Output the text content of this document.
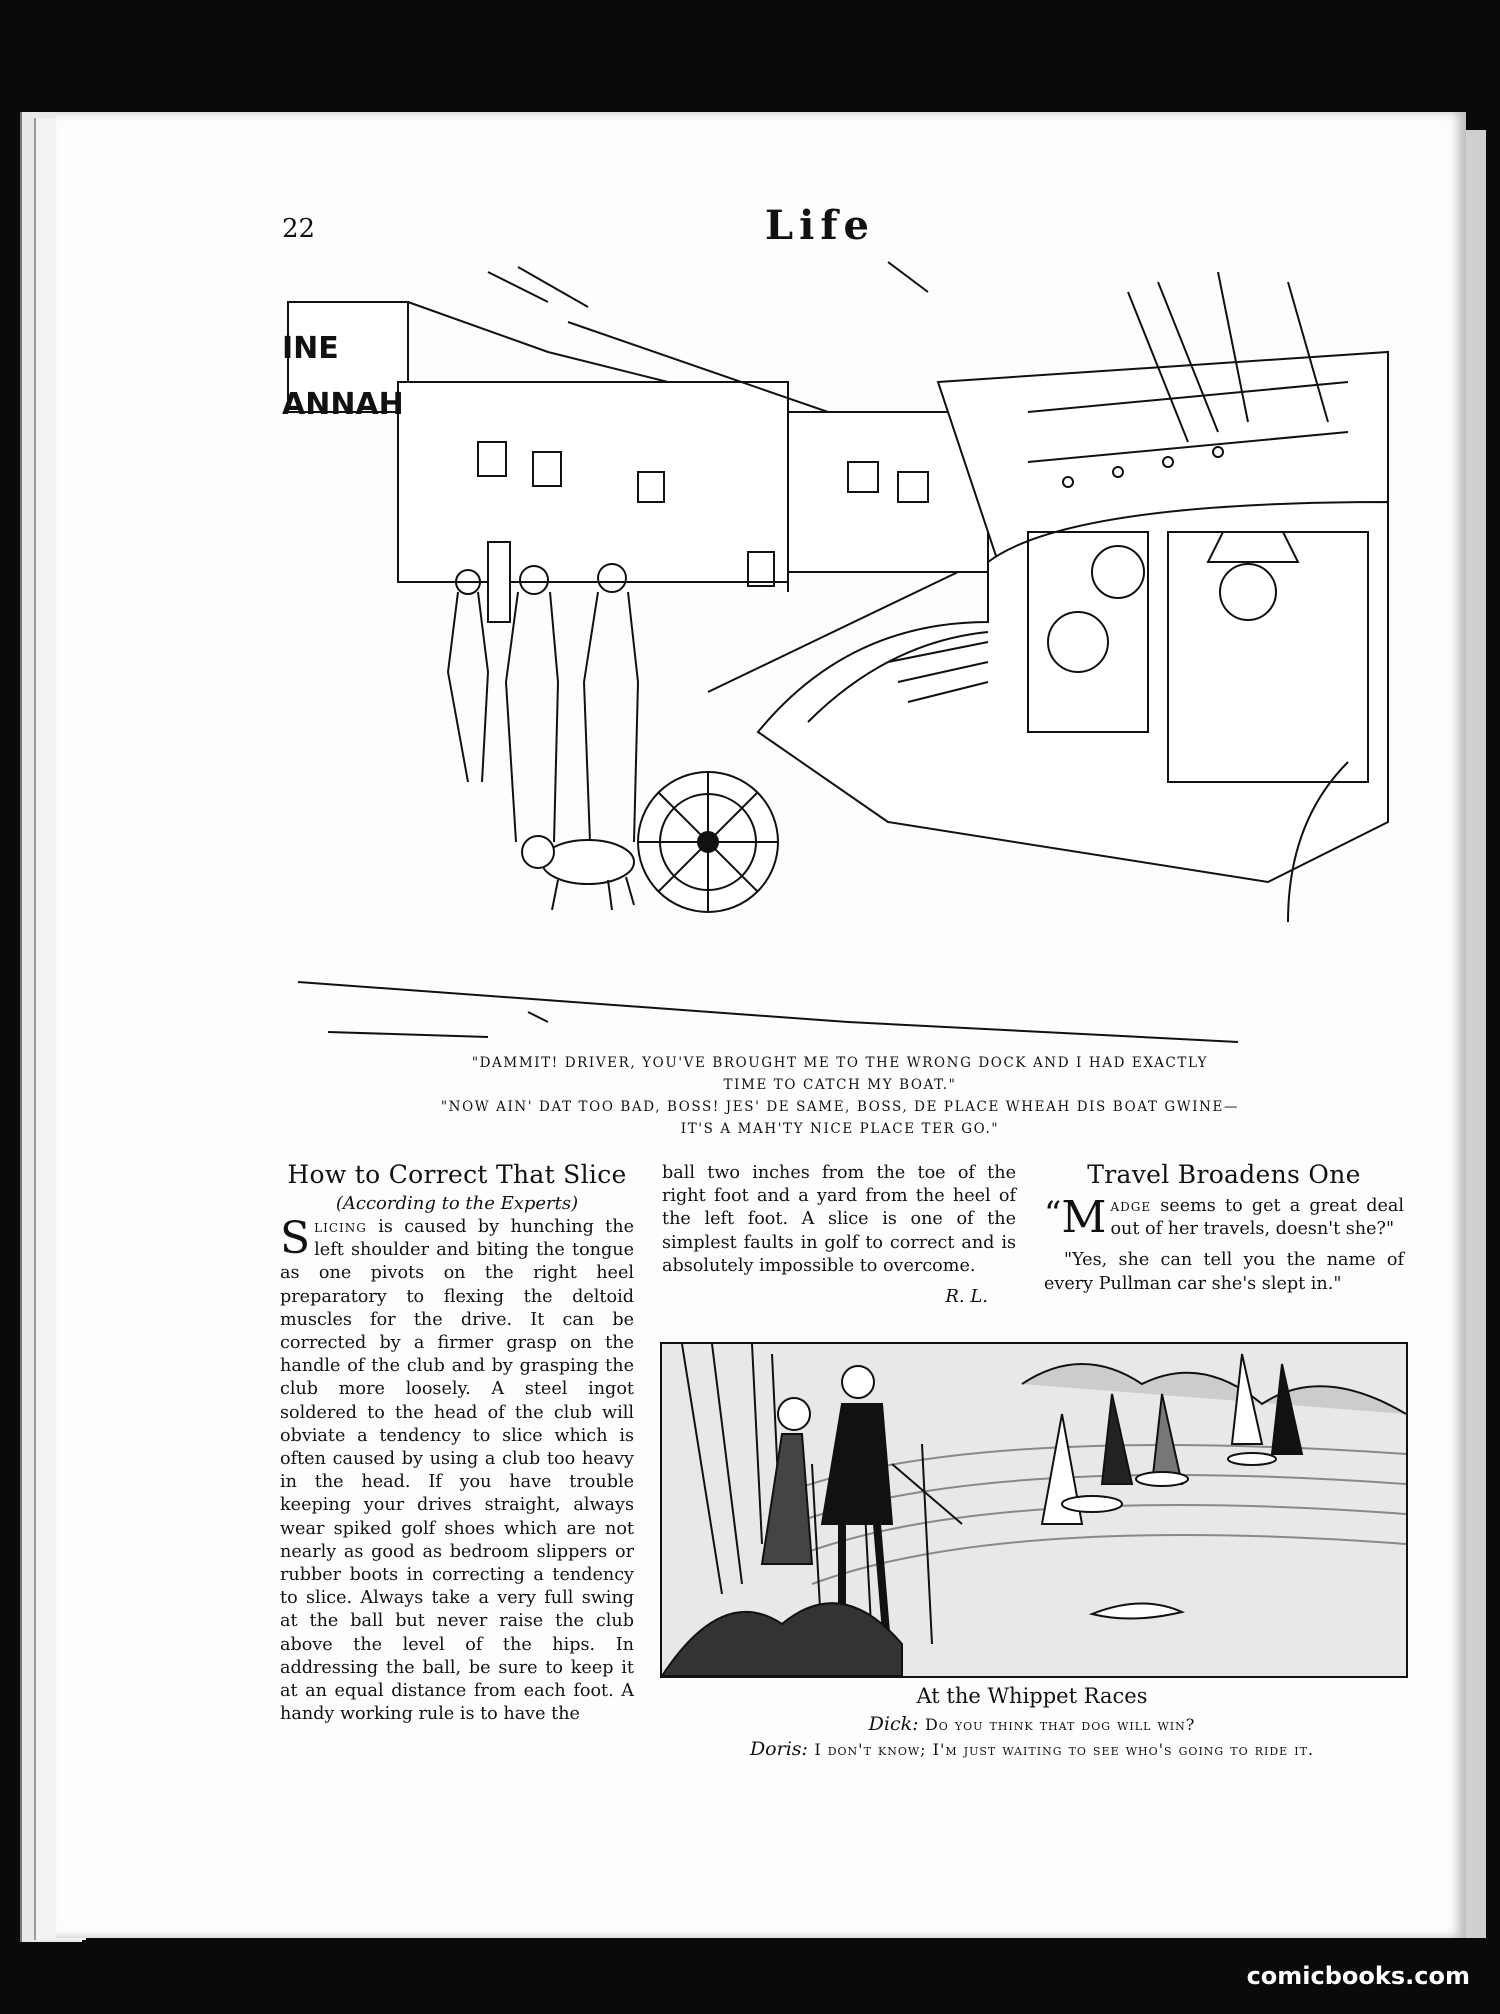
22	Life
INE
ANNAH
"DAMMIT! DRIVER, YOU'VE BROUGHT ME TO THE WRONG DOCK AND I HAD EXACTLY
TIME TO CATCH MY BOAT."
"NOW AIN' DAT TOO BAD, BOSS! JES' DE SAME, BOSS, DE PLACE WHEAH DIS BOAT GWINE—
IT'S A MAH'TY NICE PLACE TER GO."
How to Correct That Slice
(According to the Experts)

Slicing is caused by hunching the left shoulder and biting the tongue as one pivots on the right heel preparatory to flexing the deltoid muscles for the drive. It can be corrected by a firmer grasp on the handle of the club and by grasping the club more loosely. A steel ingot soldered to the head of the club will obviate a tendency to slice which is often caused by using a club too heavy in the head. If you have trouble keeping your drives straight, always wear spiked golf shoes which are not nearly as good as bedroom slippers or rubber boots in correcting a tendency to slice. Always take a very full swing at the ball but never raise the club above the level of the hips. In addressing the ball, be sure to keep it at an equal distance from each foot. A handy working rule is to have the

ball two inches from the toe of the right foot and a yard from the heel of the left foot. A slice is one of the simplest faults in golf to correct and is absolutely impossible to overcome.

R. L.
Travel Broadens One

“ M adge seems to get a great deal out of her travels, doesn't she?"

"Yes, she can tell you the name of every Pullman car she's slept in."

At the Whippet Races
Dick: Do you think that dog will win?
Doris: I don't know; I'm just waiting to see who's going to ride it.
comicbooks.com
